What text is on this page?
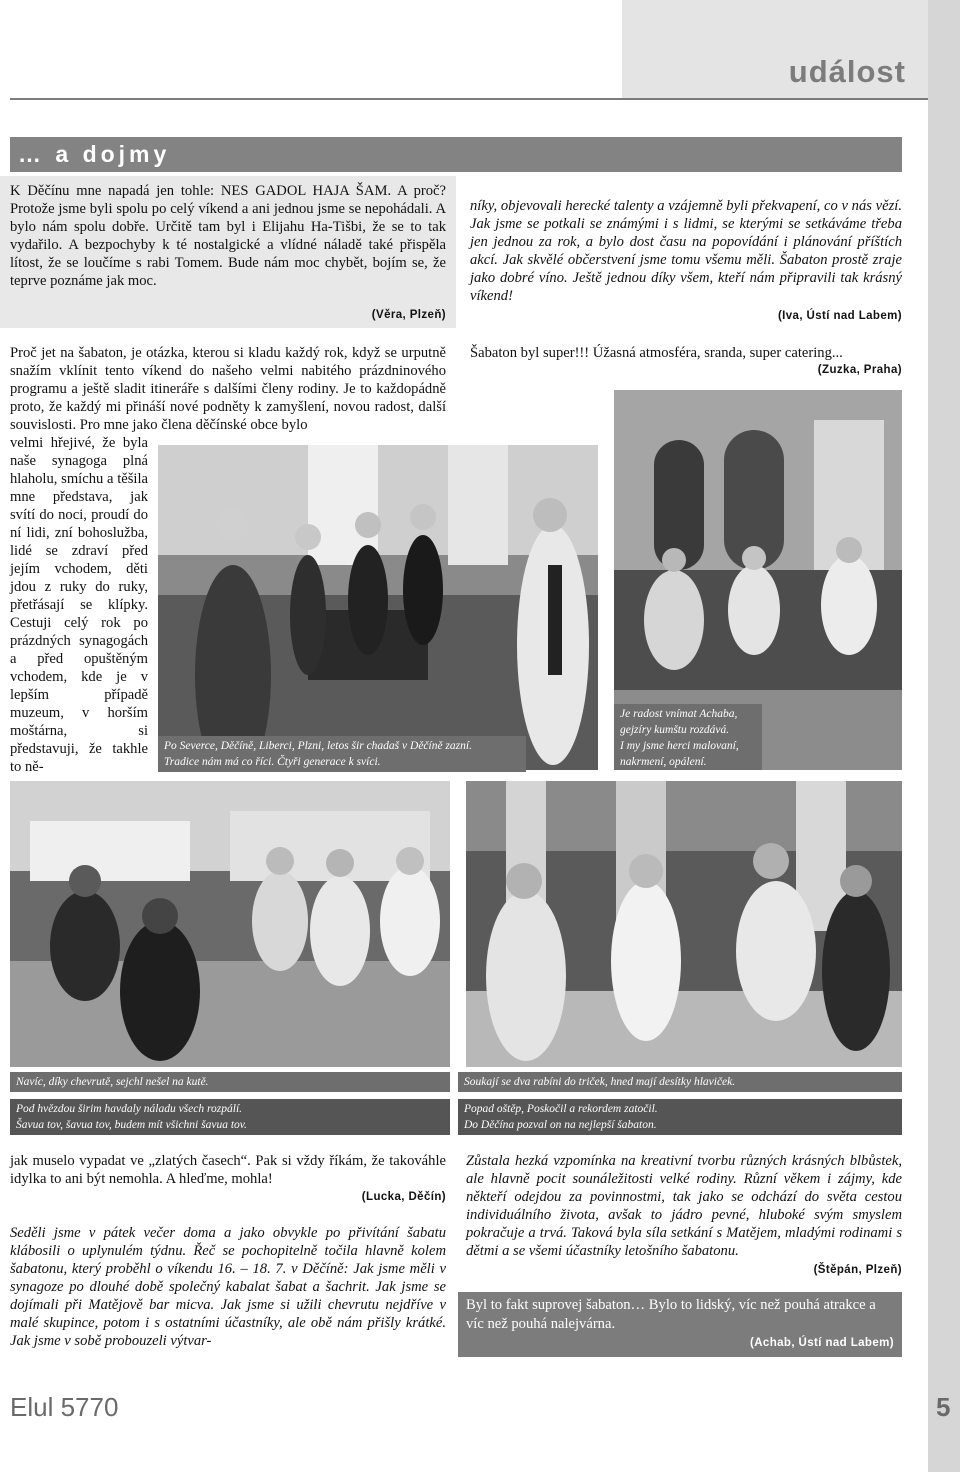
událost
… a dojmy
K Děčínu mne napadá jen tohle: NES GADOL HAJA ŠAM. A proč? Protože jsme byli spolu po celý víkend a ani jednou jsme se nepohádali. A bylo nám spolu dobře. Určitě tam byl i Elijahu Ha-Tišbi, že se to tak vydařilo. A bezpochyby k té nostalgické a vlídné náladě také přispěla lítost, že se loučíme s rabi Tomem. Bude nám moc chybět, bojím se, že teprve poznáme jak moc.
(Věra, Plzeň)
Proč jet na šabaton, je otázka, kterou si kladu každý rok, když se urputně snažím vklínit tento víkend do našeho velmi nabitého prázdninového programu a ještě sladit itineráře s dalšími členy rodiny. Je to každopádně proto, že každý mi přináší nové podněty k zamyšlení, novou radost, další souvislosti. Pro mne jako člena děčínské obce bylo
velmi hřejivé, že byla naše synagoga plná hlaholu, smíchu a těšila mne představa, jak svítí do noci, proudí do ní lidi, zní bohoslužba, lidé se zdraví před jejím vchodem, děti jdou z ruky do ruky, přetřásají se klípky. Cestuji celý rok po prázdných synagogách a před opuštěným vchodem, kde je v lepším případě muzeum, v horším moštárna, si představuji, že takhle to ně-
Po Severce, Děčíně, Liberci, Plzni, letos šir chadaš v Děčíně zazní.
Tradice nám má co říci. Čtyři generace k svíci.
níky, objevovali herecké talenty a vzájemně byli překvapení, co v nás vězí. Jak jsme se potkali se známými i s lidmi, se kterými se setkáváme třeba jen jednou za rok, a bylo dost času na popovídání i plánování příštích akcí. Jak skvělé občerstvení jsme tomu všemu měli. Šabaton prostě zraje jako dobré víno. Ještě jednou díky všem, kteří nám připravili tak krásný víkend!
(Iva, Ústí nad Labem)
Šabaton byl super!!! Úžasná atmosféra, sranda, super catering...
(Zuzka, Praha)
Je radost vnímat Achaba,
gejzíry kumštu rozdává.
I my jsme herci malovaní,
nakrmení, opálení.
Navíc, díky chevrutě, sejchl nešel na kutě.
Pod hvězdou širim havdaly náladu všech rozpálí.
Šavua tov, šavua tov, budem mít všichni šavua tov.
Soukají se dva rabíni do triček, hned mají desítky hlaviček.
Popad oštěp, Poskočil a rekordem zatočil.
Do Děčína pozval on na nejlepší šabaton.
jak muselo vypadat ve „zlatých časech“. Pak si vždy říkám, že takováhle idylka to ani být nemohla. A hleďme, mohla!
(Lucka, Děčín)
Seděli jsme v pátek večer doma a jako obvykle po přivítání šabatu klábosili o uplynulém týdnu. Řeč se pochopitelně točila hlavně kolem šabatonu, který proběhl o víkendu 16. – 18. 7. v Děčíně: Jak jsme měli v synagoze po dlouhé době společný kabalat šabat a šachrit. Jak jsme se dojímali při Matějově bar micva. Jak jsme si užili chevrutu nejdříve v malé skupince, potom i s ostatními účastníky, ale obě nám přišly krátké. Jak jsme v sobě probouzeli výtvar-
Zůstala hezká vzpomínka na kreativní tvorbu různých krásných blbůstek, ale hlavně pocit sounáležitosti velké rodiny. Různí věkem i zájmy, kde někteří odejdou za povinnostmi, tak jako se odchází do světa cestou individuálního života, avšak to jádro pevné, hluboké svým smyslem pokračuje a trvá. Taková byla síla setkání s Matějem, mladými rodinami s dětmi a se všemi účastníky letošního šabatonu.
(Štěpán, Plzeň)
Byl to fakt suprovej šabaton… Bylo to lidský, víc než pouhá atrakce a víc než pouhá nalejvárna.
(Achab, Ústí nad Labem)
Elul 5770	5
